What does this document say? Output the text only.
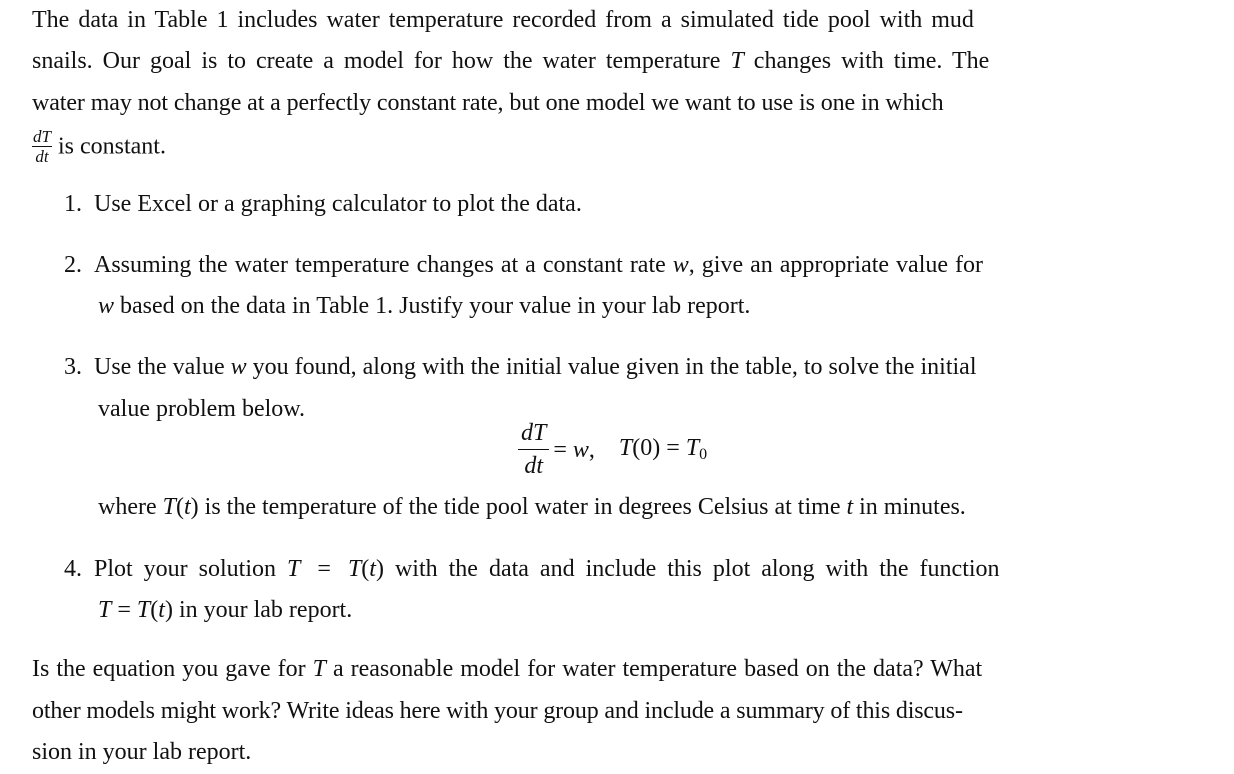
The data in Table 1 includes water temperature recorded from a simulated tide pool with mud
snails. Our goal is to create a model for how the water temperature T changes with time. The
water may not change at a perfectly constant rate, but one model we want to use is one in which
$\frac{dT}{dt}$ is constant.
1. Use Excel or a graphing calculator to plot the data.
2. Assuming the water temperature changes at a constant rate w, give an appropriate value for
w based on the data in Table 1. Justify your value in your lab report.
3. Use the value w you found, along with the initial value given in the table, to solve the initial
value problem below.
$\frac{dT}{dt} = w$, $T(0) = T_0$
where T(t) is the temperature of the tide pool water in degrees Celsius at time t in minutes.
4. Plot your solution T = T(t) with the data and include this plot along with the function
T = T(t) in your lab report.
Is the equation you gave for T a reasonable model for water temperature based on the data? What
other models might work? Write ideas here with your group and include a summary of this discus-
sion in your lab report.
